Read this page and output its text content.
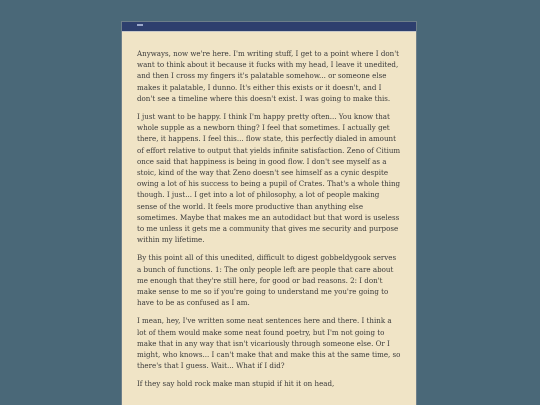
Anyways, now we're here. I'm writing stuff, I get to a point where I don't want to think about it because it fucks with my head, I leave it unedited, and then I cross my fingers it's palatable somehow... or someone else makes it palatable, I dunno. It's either this exists or it doesn't, and I don't see a timeline where this doesn't exist. I was going to make this.

I just want to be happy. I think I'm happy pretty often... You know that whole supple as a newborn thing? I feel that sometimes. I actually get there, it happens. I feel this... flow state, this perfectly dialed in amount of effort relative to output that yields infinite satisfaction. Zeno of Citium once said that happiness is being in good flow. I don't see myself as a stoic, kind of the way that Zeno doesn't see himself as a cynic despite owing a lot of his success to being a pupil of Crates. That's a whole thing though. I just... I get into a lot of philosophy, a lot of people making sense of the world. It feels more productive than anything else sometimes. Maybe that makes me an autodidact but that word is useless to me unless it gets me a community that gives me security and purpose within my lifetime.

By this point all of this unedited, difficult to digest gobbeldygook serves a bunch of functions. 1: The only people left are people that care about me enough that they're still here, for good or bad reasons. 2: I don't make sense to me so if you're going to understand me you're going to have to be as confused as I am.

I mean, hey, I've written some neat sentences here and there. I think a lot of them would make some neat found poetry, but I'm not going to make that in any way that isn't vicariously through someone else. Or I might, who knows... I can't make that and make this at the same time, so there's that I guess. Wait... What if I did?

If they say hold rock make man stupid if hit it on head,
